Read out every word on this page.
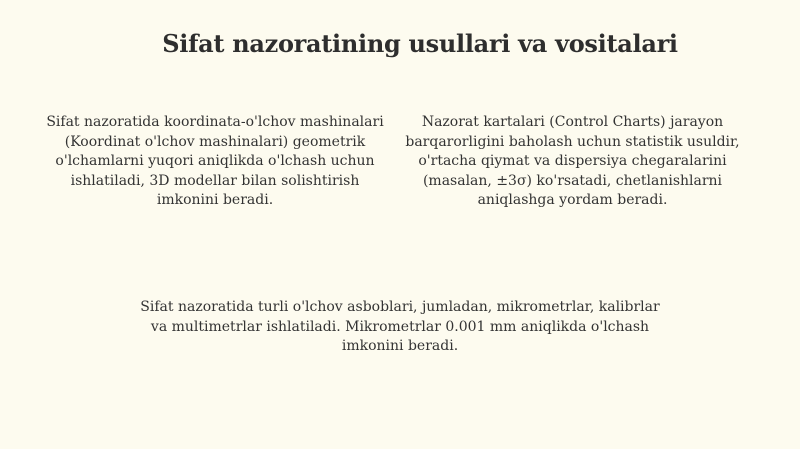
Sifat nazoratining usullari va vositalari

Sifat nazoratida koordinata-o'lchov mashinalari (Koordinat o'lchov mashinalari) geometrik o'lchamlarni yuqori aniqlikda o'lchash uchun ishlatiladi, 3D modellar bilan solishtirish imkonini beradi.

Nazorat kartalari (Control Charts) jarayon barqarorligini baholash uchun statistik usuldir, o'rtacha qiymat va dispersiya chegaralarini (masalan, ±3σ) ko'rsatadi, chetlanishlarni aniqlashga yordam beradi.

Sifat nazoratida turli o'lchov asboblari, jumladan, mikrometrlar, kalibrlar va multimetrlar ishlatiladi. Mikrometrlar 0.001 mm aniqlikda o'lchash imkonini beradi.
